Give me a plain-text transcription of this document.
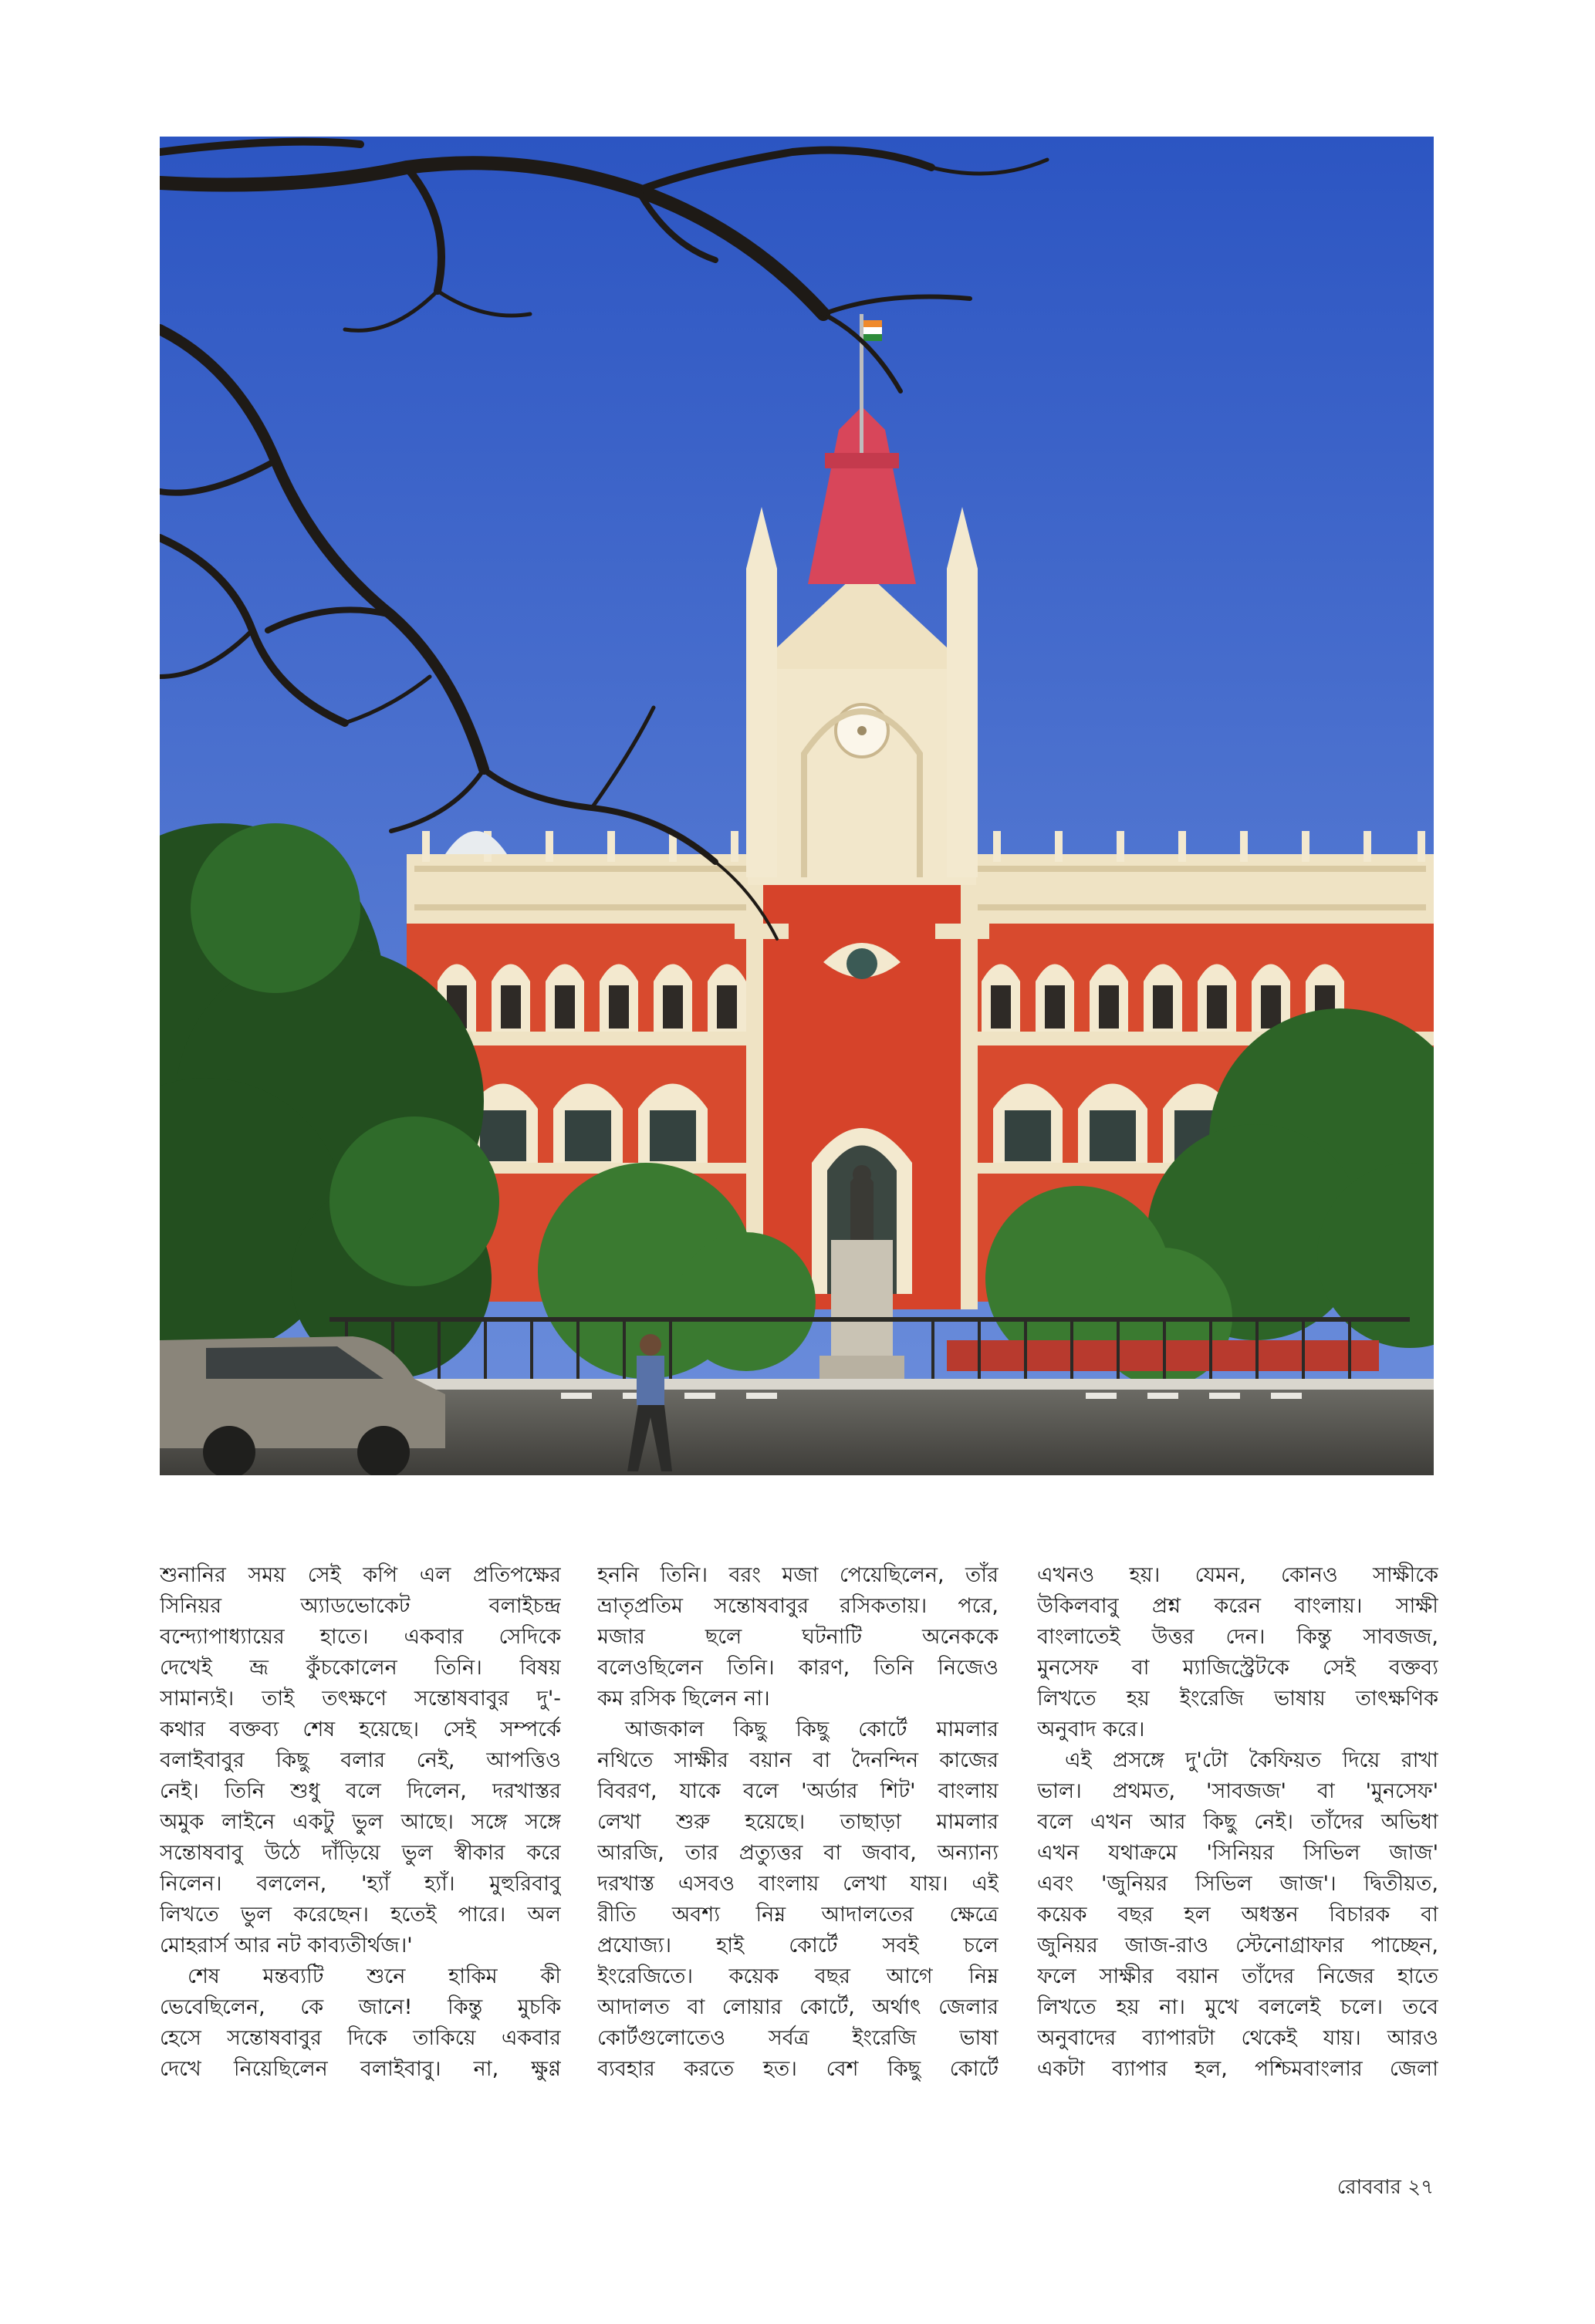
শুনানির সময় সেই কপি এল প্রতিপক্ষের
সিনিয়র অ্যাডভোকেট বলাইচন্দ্র
বন্দ্যোপাধ্যায়ের হাতে। একবার সেদিকে
দেখেই ভ্রূ কুঁচকোলেন তিনি। বিষয়
সামান্যই। তাই তৎক্ষণে সন্তোষবাবুর দু'-
কথার বক্তব্য শেষ হয়েছে। সেই সম্পর্কে
বলাইবাবুর কিছু বলার নেই, আপত্তিও
নেই। তিনি শুধু বলে দিলেন, দরখাস্তর
অমুক লাইনে একটু ভুল আছে। সঙ্গে সঙ্গে
সন্তোষবাবু উঠে দাঁড়িয়ে ভুল স্বীকার করে
নিলেন। বললেন, 'হ্যাঁ হ্যাঁ। মুহুরিবাবু
লিখতে ভুল করেছেন। হতেই পারে। অল
মোহরার্স আর নট কাব্যতীর্থজ।'
শেষ মন্তব্যটি শুনে হাকিম কী
ভেবেছিলেন, কে জানে! কিন্তু মুচকি
হেসে সন্তোষবাবুর দিকে তাকিয়ে একবার
দেখে নিয়েছিলেন বলাইবাবু। না, ক্ষুণ্ণ
হননি তিনি। বরং মজা পেয়েছিলেন, তাঁর
ভ্রাতৃপ্রতিম সন্তোষবাবুর রসিকতায়। পরে,
মজার ছলে ঘটনাটি অনেককে
বলেওছিলেন তিনি। কারণ, তিনি নিজেও
কম রসিক ছিলেন না।
আজকাল কিছু কিছু কোর্টে মামলার
নথিতে সাক্ষীর বয়ান বা দৈনন্দিন কাজের
বিবরণ, যাকে বলে 'অর্ডার শিট' বাংলায়
লেখা শুরু হয়েছে। তাছাড়া মামলার
আরজি, তার প্রত্যুত্তর বা জবাব, অন্যান্য
দরখাস্ত এসবও বাংলায় লেখা যায়। এই
রীতি অবশ্য নিম্ন আদালতের ক্ষেত্রে
প্রযোজ্য। হাই কোর্টে সবই চলে
ইংরেজিতে। কয়েক বছর আগে নিম্ন
আদালত বা লোয়ার কোর্টে, অর্থাৎ জেলার
কোর্টগুলোতেও সর্বত্র ইংরেজি ভাষা
ব্যবহার করতে হত। বেশ কিছু কোর্টে
এখনও হয়। যেমন, কোনও সাক্ষীকে
উকিলবাবু প্রশ্ন করেন বাংলায়। সাক্ষী
বাংলাতেই উত্তর দেন। কিন্তু সাবজজ,
মুনসেফ বা ম্যাজিস্ট্রেটকে সেই বক্তব্য
লিখতে হয় ইংরেজি ভাষায় তাৎক্ষণিক
অনুবাদ করে।
এই প্রসঙ্গে দু'টো কৈফিয়ত দিয়ে রাখা
ভাল। প্রথমত, 'সাবজজ' বা 'মুনসেফ'
বলে এখন আর কিছু নেই। তাঁদের অভিধা
এখন যথাক্রমে 'সিনিয়র সিভিল জাজ'
এবং 'জুনিয়র সিভিল জাজ'। দ্বিতীয়ত,
কয়েক বছর হল অধস্তন বিচারক বা
জুনিয়র জাজ-রাও স্টেনোগ্রাফার পাচ্ছেন,
ফলে সাক্ষীর বয়ান তাঁদের নিজের হাতে
লিখতে হয় না। মুখে বললেই চলে। তবে
অনুবাদের ব্যাপারটা থেকেই যায়। আরও
একটা ব্যাপার হল, পশ্চিমবাংলার জেলা
রোববার ২৭
